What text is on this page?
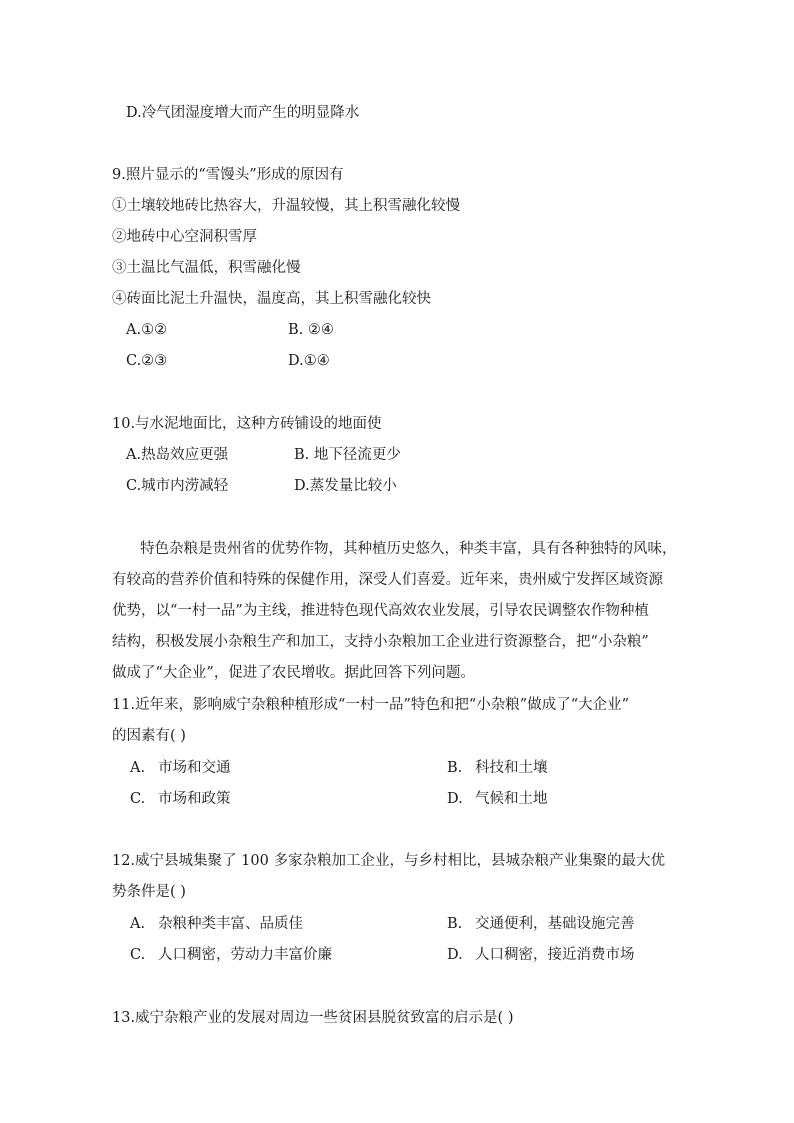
D.冷气团湿度增大而产生的明显降水
9.照片显示的“雪馒头”形成的原因有
①土壤较地砖比热容大，升温较慢，其上积雪融化较慢
②地砖中心空洞积雪厚
③土温比气温低，积雪融化慢
④砖面比泥土升温快，温度高，其上积雪融化较快
A.①②	B. ②④
C.②③	D.①④
10.与水泥地面比，这种方砖铺设的地面使
A.热岛效应更强	B. 地下径流更少
C.城市内涝减轻	D.蒸发量比较小
特色杂粮是贵州省的优势作物，其种植历史悠久，种类丰富，具有各种独特的风味，
有较高的营养价值和特殊的保健作用，深受人们喜爱。近年来，贵州威宁发挥区域资源
优势，以“一村一品”为主线，推进特色现代高效农业发展，引导农民调整农作物种植
结构，积极发展小杂粮生产和加工，支持小杂粮加工企业进行资源整合，把“小杂粮”
做成了“大企业”，促进了农民增收。据此回答下列问题。
11.近年来，影响威宁杂粮种植形成“一村一品”特色和把“小杂粮”做成了“大企业”
的因素有( )
A. 市场和交通	B. 科技和土壤
C. 市场和政策	D. 气候和土地
12.威宁县城集聚了 100 多家杂粮加工企业，与乡村相比，县城杂粮产业集聚的最大优
势条件是( )
A. 杂粮种类丰富、品质佳	B. 交通便利，基础设施完善
C. 人口稠密，劳动力丰富价廉	D. 人口稠密，接近消费市场
13.威宁杂粮产业的发展对周边一些贫困县脱贫致富的启示是( )
